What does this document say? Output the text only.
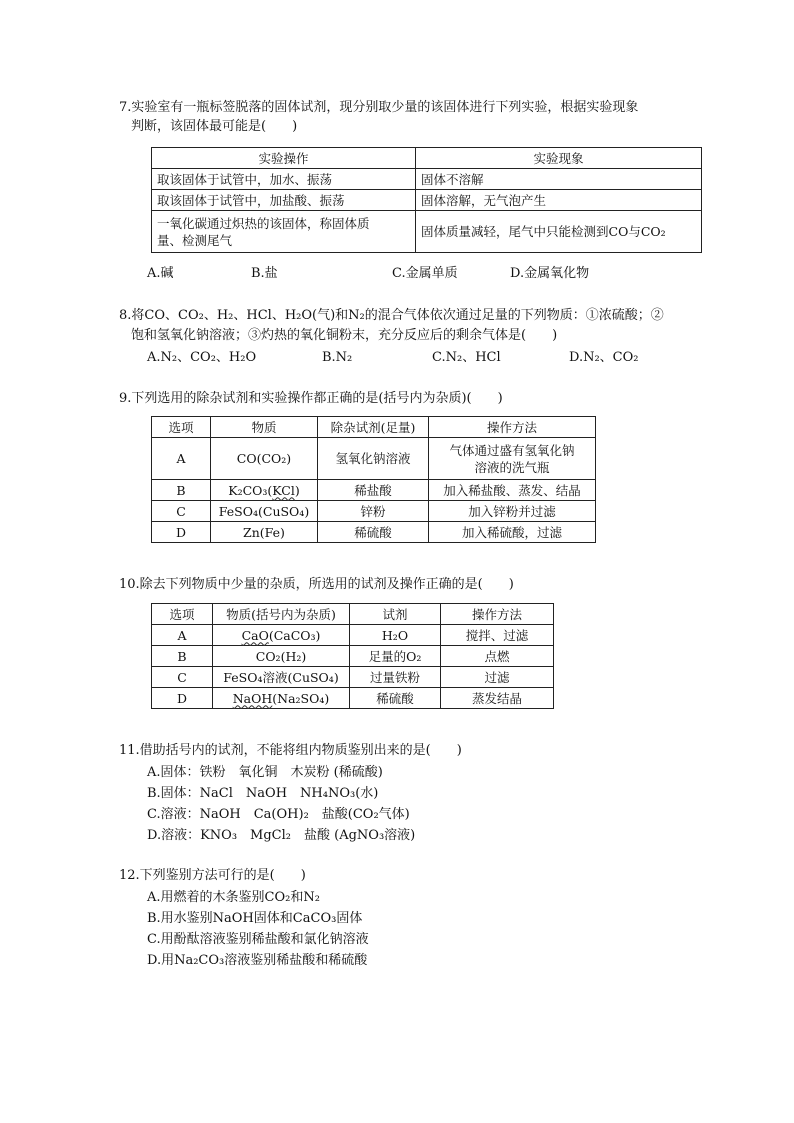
7.实验室有一瓶标签脱落的固体试剂，现分别取少量的该固体进行下列实验，根据实验现象
判断，该固体最可能是(　　)
实验操作	实验现象
取该固体于试管中，加水、振荡	固体不溶解
取该固体于试管中，加盐酸、振荡	固体溶解，无气泡产生

一氧化碳通过炽热的该固体，称固体质
量、检测尾气	固体质量减轻，尾气中只能检测到CO与CO₂
A.碱	B.盐	C.金属单质	D.金属氧化物
8.将CO、CO₂、H₂、HCl、H₂O(气)和N₂的混合气体依次通过足量的下列物质：①浓硫酸；②
饱和氢氧化钠溶液；③灼热的氧化铜粉末，充分反应后的剩余气体是(　　)
A.N₂、CO₂、H₂O	B.N₂	C.N₂、HCl	D.N₂、CO₂
9.下列选用的除杂试剂和实验操作都正确的是(括号内为杂质)(　　)
选项	物质	除杂试剂(足量)	操作方法
A	CO(CO₂)	氢氧化钠溶液	气体通过盛有氢氧化钠
溶液的洗气瓶

B	K₂CO₃(KCl)	稀盐酸	加入稀盐酸、蒸发、结晶
C	FeSO₄(CuSO₄)	锌粉	加入锌粉并过滤
D	Zn(Fe)	稀硫酸	加入稀硫酸，过滤
10.除去下列物质中少量的杂质，所选用的试剂及操作正确的是(　　)
选项	物质(括号内为杂质)	试剂	操作方法
A	CaO(CaCO₃)	H₂O	搅拌、过滤
B	CO₂(H₂)	足量的O₂	点燃
C	FeSO₄溶液(CuSO₄)	过量铁粉	过滤
D	NaOH(Na₂SO₄)	稀硫酸	蒸发结晶
11.借助括号内的试剂，不能将组内物质鉴别出来的是(　　)
A.固体：铁粉　氧化铜　木炭粉 (稀硫酸)
B.固体：NaCl　NaOH　NH₄NO₃(水)
C.溶液：NaOH　Ca(OH)₂　盐酸(CO₂气体)
D.溶液：KNO₃　MgCl₂　盐酸 (AgNO₃溶液)
12.下列鉴别方法可行的是(　　)
A.用燃着的木条鉴别CO₂和N₂
B.用水鉴别NaOH固体和CaCO₃固体
C.用酚酞溶液鉴别稀盐酸和氯化钠溶液
D.用Na₂CO₃溶液鉴别稀盐酸和稀硫酸
